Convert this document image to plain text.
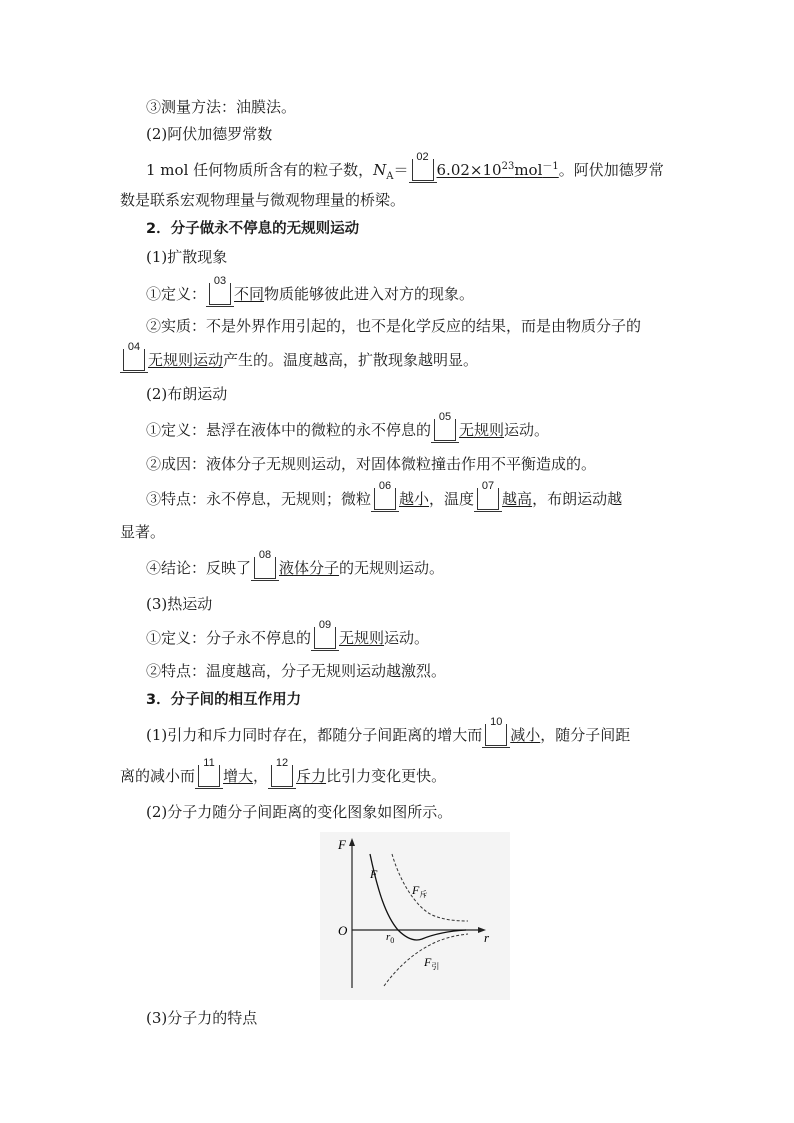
③测量方法：油膜法。
(2)阿伏加德罗常数
1 mol 任何物质所含有的粒子数，$N_A=$
02
$6.02\times 10^{23}mol^{-1}$。阿伏加德罗常
数是联系宏观物理量与微观物理量的桥梁。
2．分子做永不停息的无规则运动
(1)扩散现象
①定义：
03
不同物质能够彼此进入对方的现象。
②实质：不是外界作用引起的，也不是化学反应的结果，而是由物质分子的
04
无规则运动产生的。温度越高，扩散现象越明显。
(2)布朗运动
①定义：悬浮在液体中的微粒的永不停息的
05
无规则运动。
②成因：液体分子无规则运动，对固体微粒撞击作用不平衡造成的。
③特点：永不停息，无规则；微粒
06
越小，温度
07
越高，布朗运动越
显著。
④结论：反映了
08
液体分子的无规则运动。
(3)热运动
①定义：分子永不停息的
09
无规则运动。
②特点：温度越高，分子无规则运动越激烈。
3．分子间的相互作用力
(1)引力和斥力同时存在，都随分子间距离的增大而
10
减小，随分子间距
离的减小而
11
增大，
12
斥力比引力变化更快。
(2)分子力随分子间距离的变化图象如图所示。
F
r
O
F
$r_0$
$F_斥$
$F_引$
(3)分子力的特点
